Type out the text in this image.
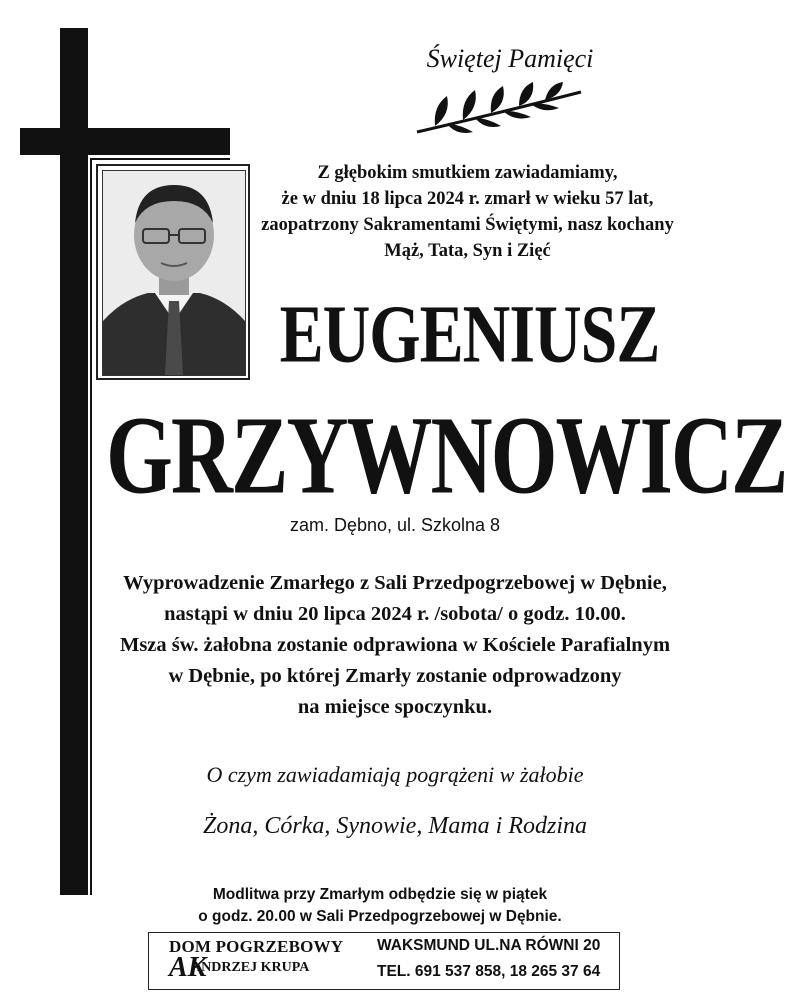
Świętej Pamięci
Z głębokim smutkiem zawiadamiamy,
że w dniu 18 lipca 2024 r. zmarł w wieku 57 lat,
zaopatrzony Sakramentami Świętymi, nasz kochany
Mąż, Tata, Syn i Zięć
EUGENIUSZ
GRZYWNOWICZ
zam. Dębno, ul. Szkolna 8
Wyprowadzenie Zmarłego z Sali Przedpogrzebowej w Dębnie,
nastąpi w dniu 20 lipca 2024 r. /sobota/ o godz. 10.00.
Msza św. żałobna zostanie odprawiona w Kościele Parafialnym
w Dębnie, po której Zmarły zostanie odprowadzony
na miejsce spoczynku.
O czym zawiadamiają pogrążeni w żałobie
Żona, Córka, Synowie, Mama i Rodzina
Modlitwa przy Zmarłym odbędzie się w piątek
o godz. 20.00 w Sali Przedpogrzebowej w Dębnie.
DOM POGRZEBOWY
AK
ANDRZEJ KRUPA
WAKSMUND UL.NA RÓWNI 20
TEL. 691 537 858, 18 265 37 64
